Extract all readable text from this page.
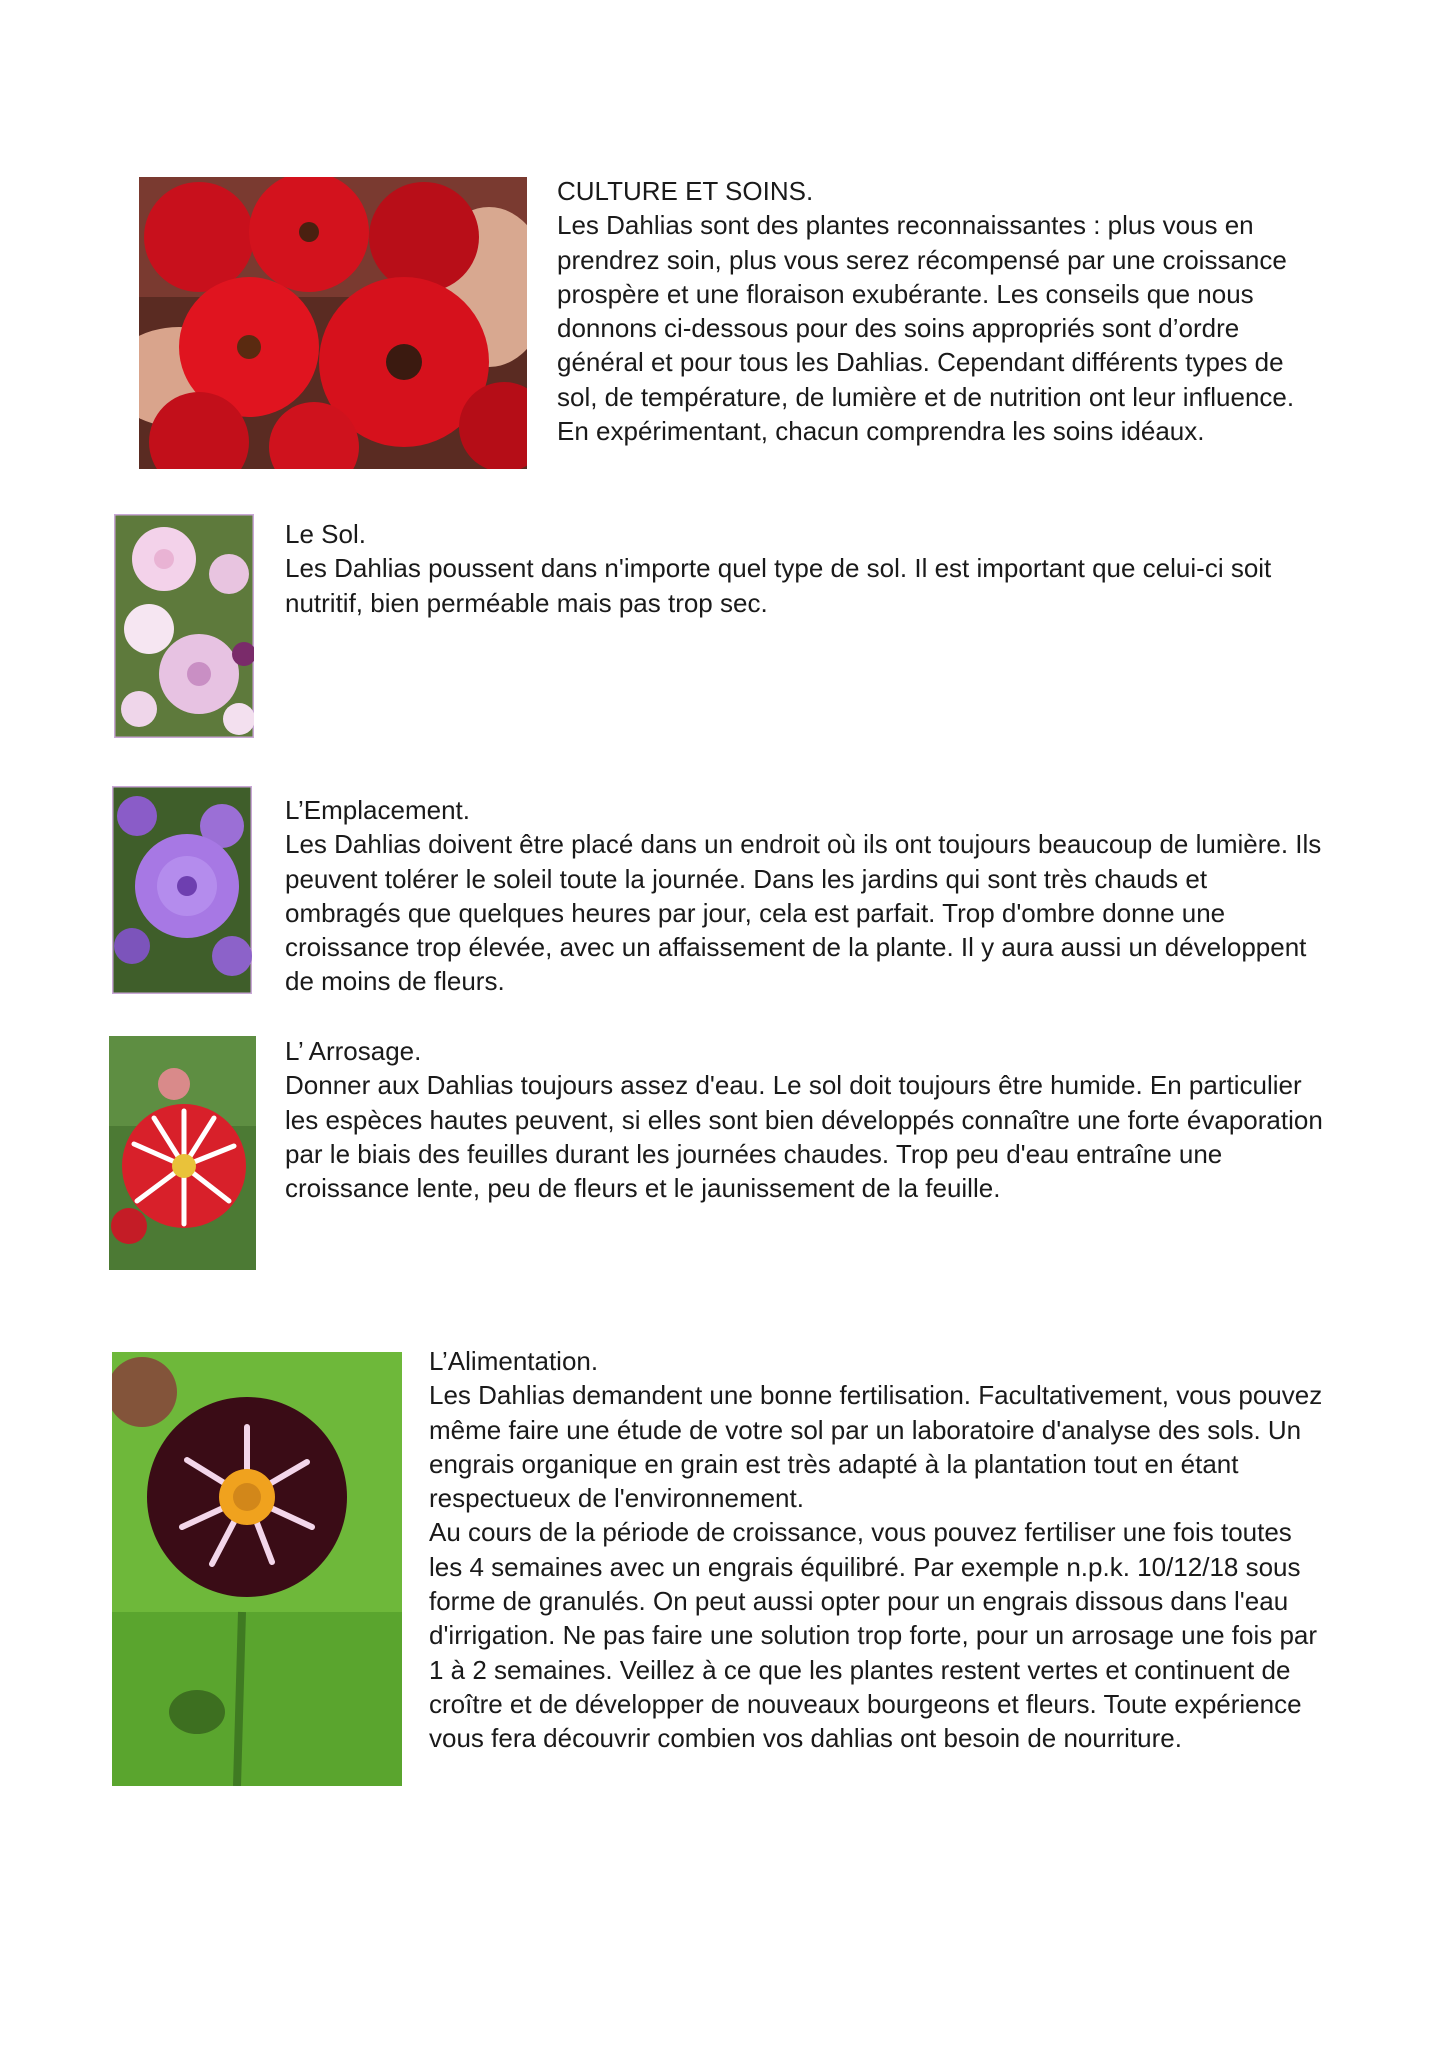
CULTURE ET SOINS.

Les Dahlias sont des plantes reconnaissantes : plus vous en prendrez soin, plus vous serez récompensé par une croissance prospère et une floraison exubérante. Les conseils que nous donnons ci-dessous pour des soins appropriés sont d’ordre général et pour tous les Dahlias. Cependant différents types de sol, de température, de lumière et de nutrition ont leur influence. En expérimentant, chacun comprendra les soins idéaux.

Le Sol.

Les Dahlias poussent dans n'importe quel type de sol. Il est important que celui-ci soit nutritif, bien perméable mais pas trop sec.

L’Emplacement.

Les Dahlias doivent être placé dans un endroit où ils ont toujours beaucoup de lumière. Ils peuvent tolérer le soleil toute la journée. Dans les jardins qui sont très chauds et ombragés que quelques heures par jour, cela est parfait. Trop d'ombre donne une croissance trop élevée, avec un affaissement de la plante. Il y aura aussi un développent de moins de fleurs.

L’ Arrosage.

Donner aux Dahlias toujours assez d'eau. Le sol doit toujours être humide. En particulier les espèces hautes peuvent, si elles sont bien développés connaître une forte évaporation par le biais des feuilles durant les journées chaudes. Trop peu d'eau entraîne une croissance lente, peu de fleurs et le jaunissement de la feuille.

L’Alimentation.

Les Dahlias demandent une bonne fertilisation. Facultativement, vous pouvez même faire une étude de votre sol par un laboratoire d'analyse des sols. Un engrais organique en grain est très adapté à la plantation tout en étant respectueux de l'environnement.

Au cours de la période de croissance, vous pouvez fertiliser une fois toutes les 4 semaines avec un engrais équilibré. Par exemple n.p.k. 10/12/18 sous forme de granulés. On peut aussi opter pour un engrais dissous dans l'eau d'irrigation. Ne pas faire une solution trop forte, pour un arrosage une fois par 1 à 2 semaines. Veillez à ce que les plantes restent vertes et continuent de croître et de développer de nouveaux bourgeons et fleurs. Toute expérience vous fera découvrir combien vos dahlias ont besoin de nourriture.
